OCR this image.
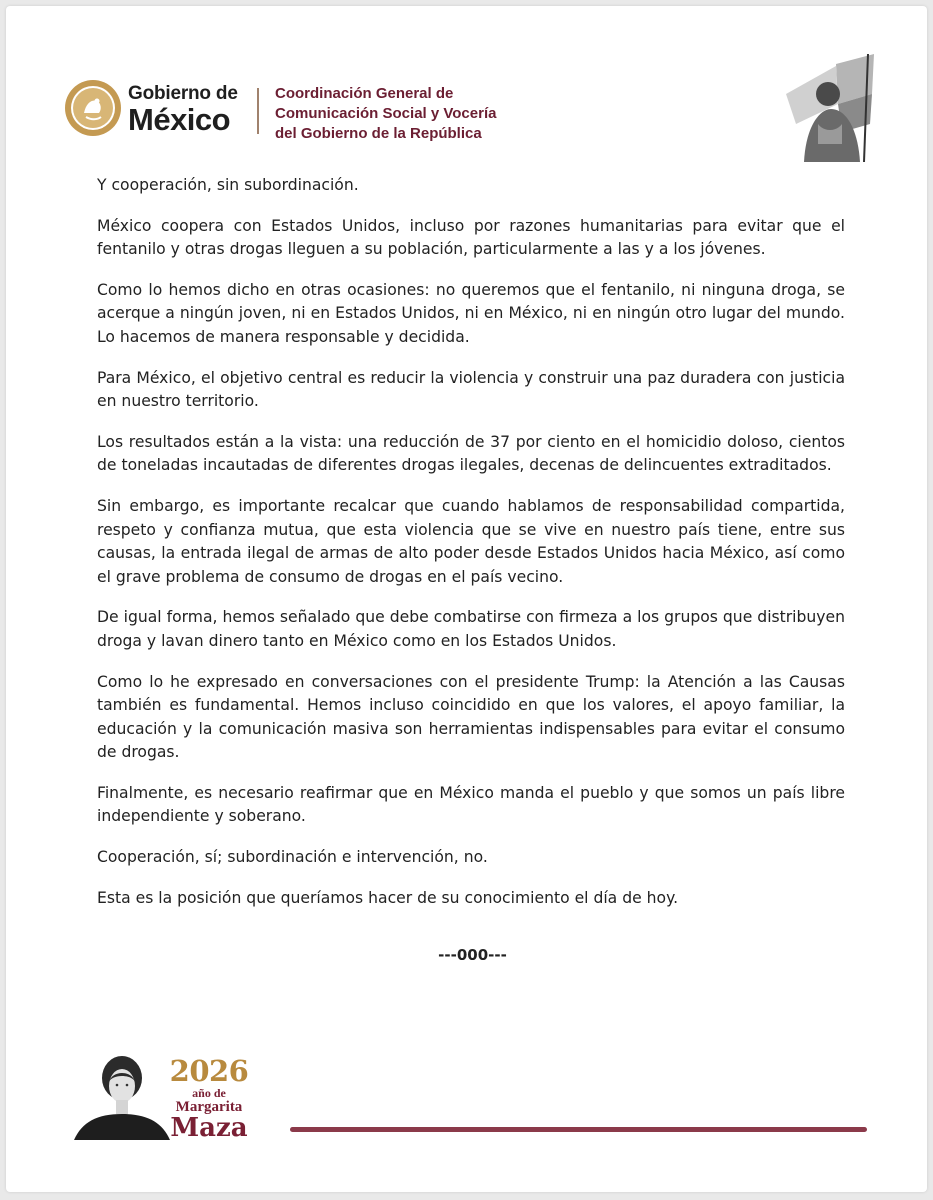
Gobierno de
México
Coordinación General de
Comunicación Social y Vocería
del Gobierno de la República

Y cooperación, sin subordinación.

México coopera con Estados Unidos, incluso por razones humanitarias para evitar que el fentanilo y otras drogas lleguen a su población, particularmente a las y a los jóvenes.

Como lo hemos dicho en otras ocasiones: no queremos que el fentanilo, ni ninguna droga, se acerque a ningún joven, ni en Estados Unidos, ni en México, ni en ningún otro lugar del mundo. Lo hacemos de manera responsable y decidida.

Para México, el objetivo central es reducir la violencia y construir una paz duradera con justicia en nuestro territorio.

Los resultados están a la vista: una reducción de 37 por ciento en el homicidio doloso, cientos de toneladas incautadas de diferentes drogas ilegales, decenas de delincuentes extraditados.

Sin embargo, es importante recalcar que cuando hablamos de responsabilidad compartida, respeto y confianza mutua, que esta violencia que se vive en nuestro país tiene, entre sus causas, la entrada ilegal de armas de alto poder desde Estados Unidos hacia México, así como el grave problema de consumo de drogas en el país vecino.

De igual forma, hemos señalado que debe combatirse con firmeza a los grupos que distribuyen droga y lavan dinero tanto en México como en los Estados Unidos.

Como lo he expresado en conversaciones con el presidente Trump: la Atención a las Causas también es fundamental. Hemos incluso coincidido en que los valores, el apoyo familiar, la educación y la comunicación masiva son herramientas indispensables para evitar el consumo de drogas.

Finalmente, es necesario reafirmar que en México manda el pueblo y que somos un país libre independiente y soberano.

Cooperación, sí; subordinación e intervención, no.

Esta es la posición que queríamos hacer de su conocimiento el día de hoy.

---000---
2026
año de
Margarita
Maza
